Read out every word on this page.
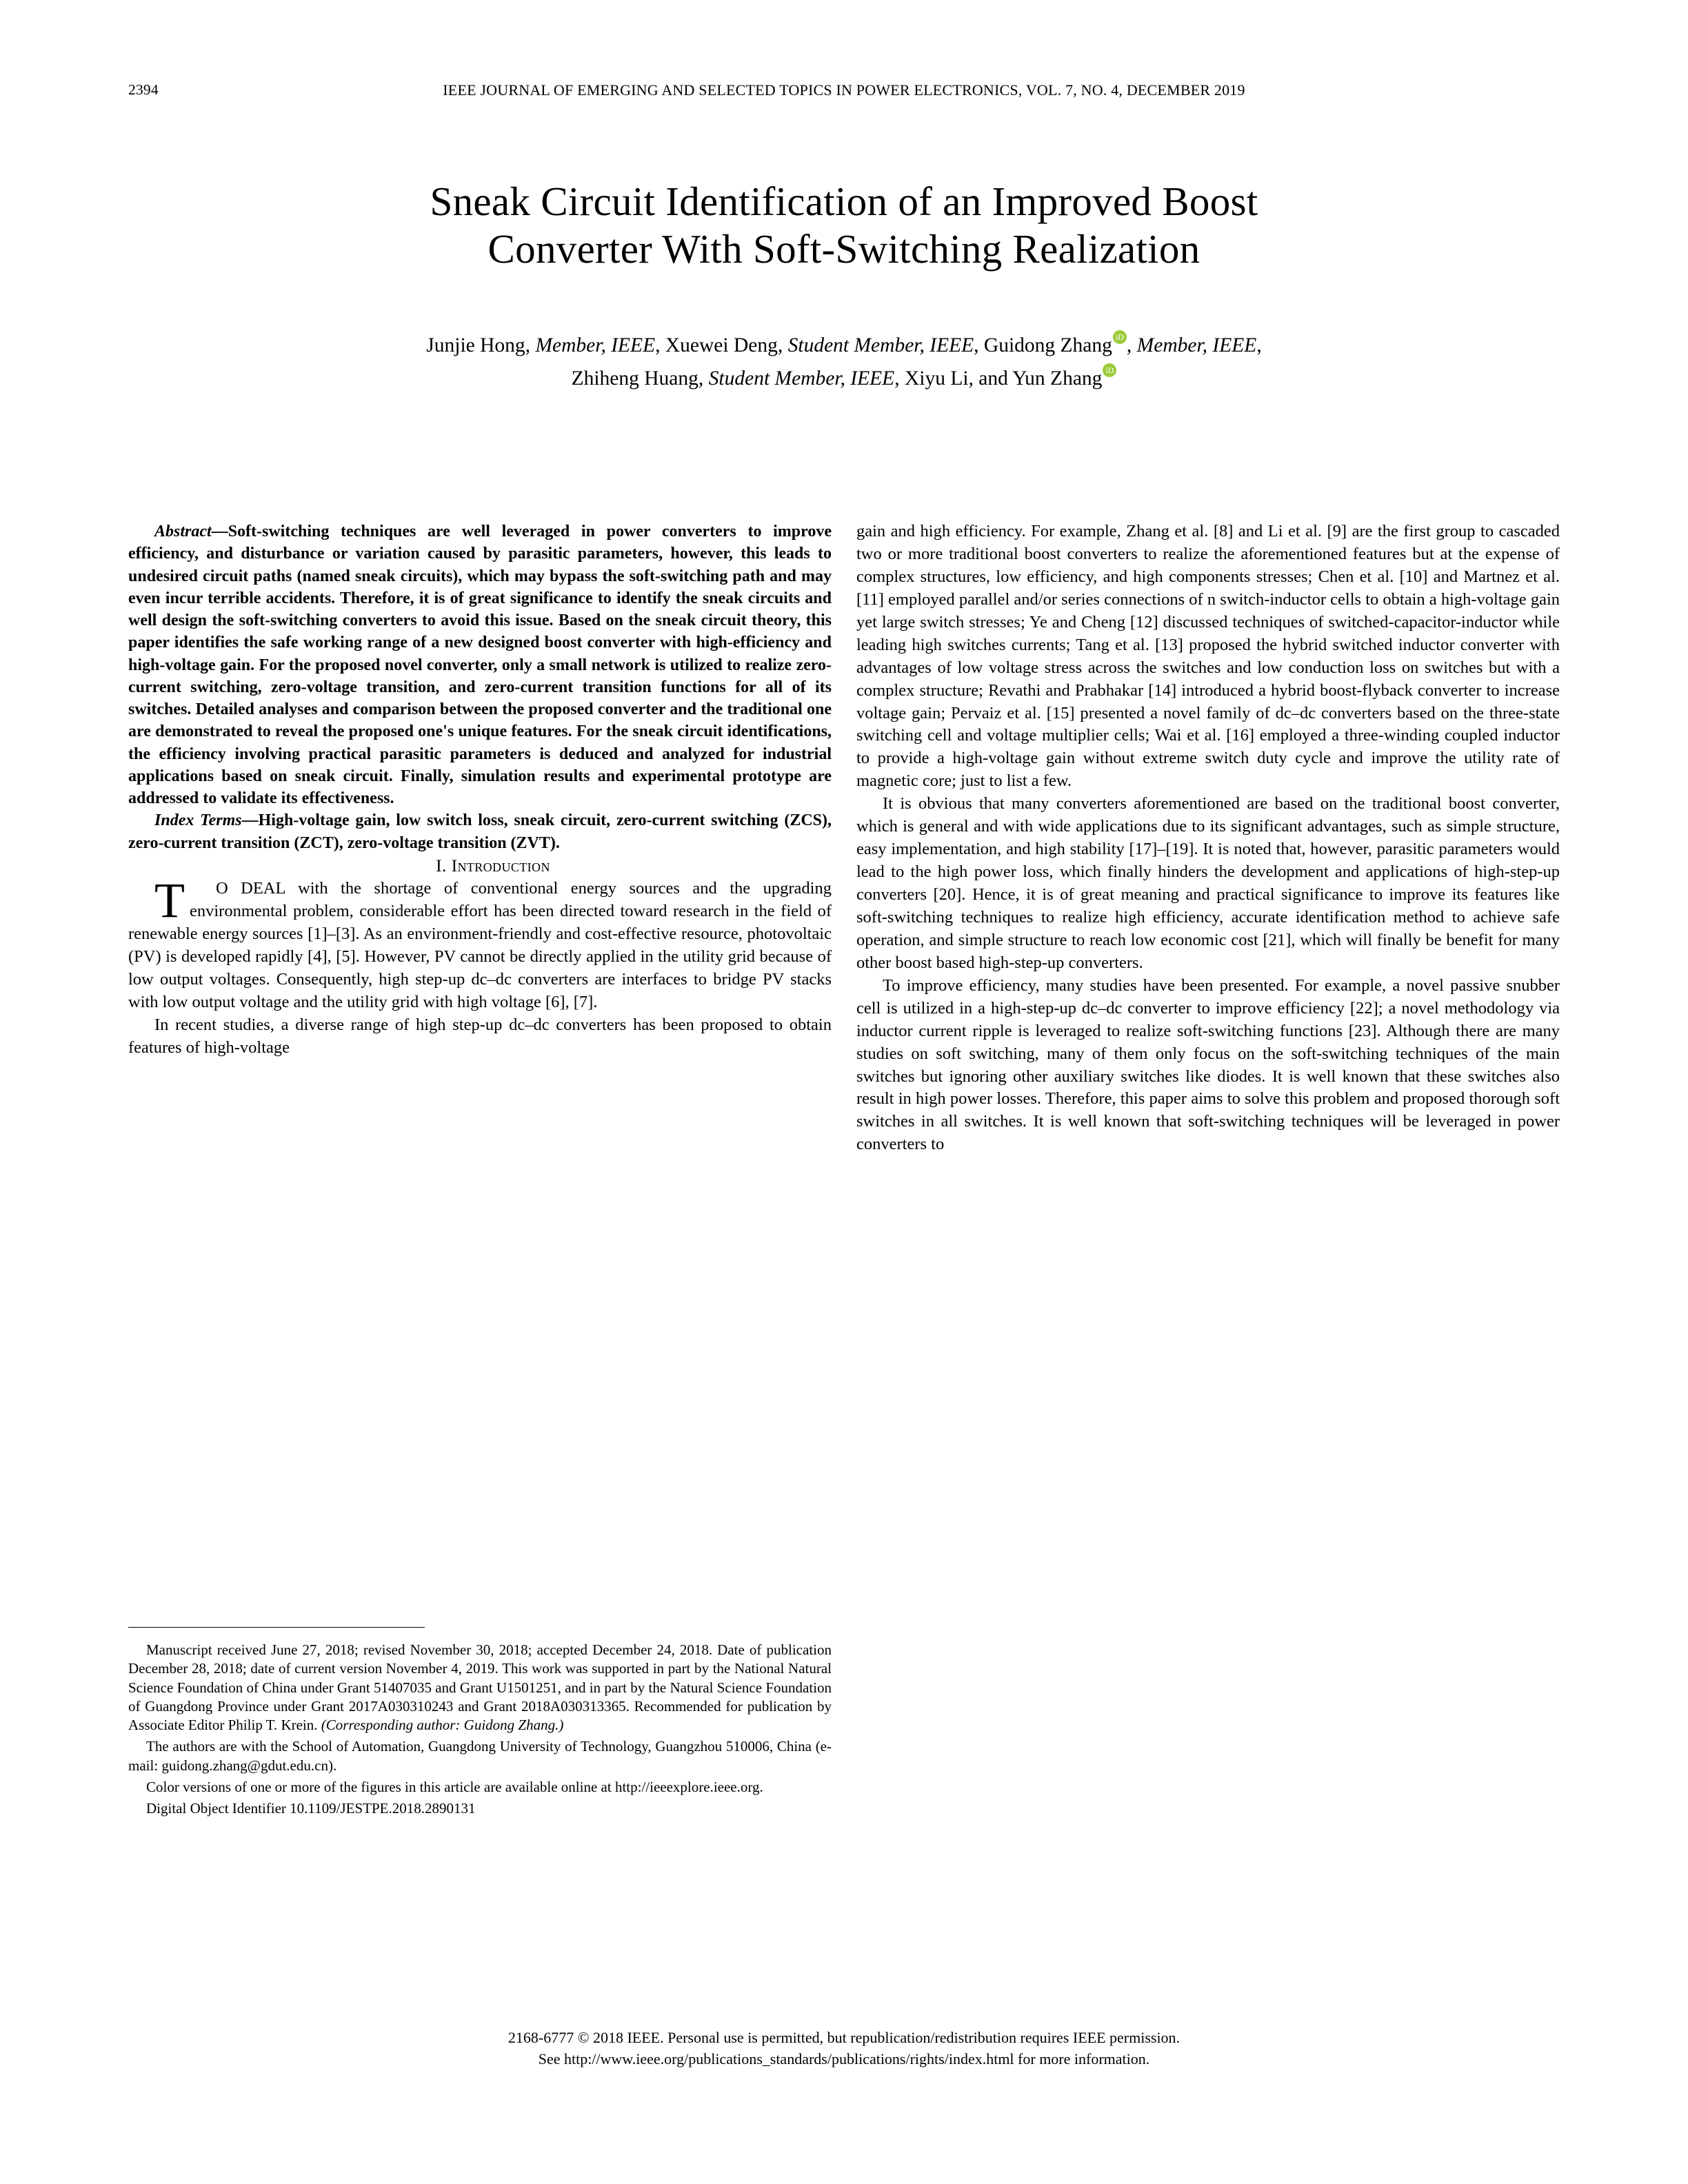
2394	IEEE JOURNAL OF EMERGING AND SELECTED TOPICS IN POWER ELECTRONICS, VOL. 7, NO. 4, DECEMBER 2019
Sneak Circuit Identification of an Improved Boost
Converter With Soft-Switching Realization
Junjie Hong, Member, IEEE, Xuewei Deng, Student Member, IEEE, Guidong Zhang , Member, IEEE,
Zhiheng Huang, Student Member, IEEE, Xiyu Li, and Yun Zhang

Abstract—Soft-switching techniques are well leveraged in power converters to improve efficiency, and disturbance or variation caused by parasitic parameters, however, this leads to undesired circuit paths (named sneak circuits), which may bypass the soft-switching path and may even incur terrible accidents. Therefore, it is of great significance to identify the sneak circuits and well design the soft-switching converters to avoid this issue. Based on the sneak circuit theory, this paper identifies the safe working range of a new designed boost converter with high-efficiency and high-voltage gain. For the proposed novel converter, only a small network is utilized to realize zero-current switching, zero-voltage transition, and zero-current transition functions for all of its switches. Detailed analyses and comparison between the proposed converter and the traditional one are demonstrated to reveal the proposed one's unique features. For the sneak circuit identifications, the efficiency involving practical parasitic parameters is deduced and analyzed for industrial applications based on sneak circuit. Finally, simulation results and experimental prototype are addressed to validate its effectiveness.

Index Terms—High-voltage gain, low switch loss, sneak circuit, zero-current switching (ZCS), zero-current transition (ZCT), zero-voltage transition (ZVT).

I. Introduction

T O DEAL with the shortage of conventional energy sources and the upgrading environmental problem, considerable effort has been directed toward research in the field of renewable energy sources [1]–[3]. As an environment-friendly and cost-effective resource, photovoltaic (PV) is developed rapidly [4], [5]. However, PV cannot be directly applied in the utility grid because of low output voltages. Consequently, high step-up dc–dc converters are interfaces to bridge PV stacks with low output voltage and the utility grid with high voltage [6], [7].

In recent studies, a diverse range of high step-up dc–dc converters has been proposed to obtain features of high-voltage

gain and high efficiency. For example, Zhang et al. [8] and Li et al. [9] are the first group to cascaded two or more traditional boost converters to realize the aforementioned features but at the expense of complex structures, low efficiency, and high components stresses; Chen et al. [10] and Martnez et al. [11] employed parallel and/or series connections of n switch-inductor cells to obtain a high-voltage gain yet large switch stresses; Ye and Cheng [12] discussed techniques of switched-capacitor-inductor while leading high switches currents; Tang et al. [13] proposed the hybrid switched inductor converter with advantages of low voltage stress across the switches and low conduction loss on switches but with a complex structure; Revathi and Prabhakar [14] introduced a hybrid boost-flyback converter to increase voltage gain; Pervaiz et al. [15] presented a novel family of dc–dc converters based on the three-state switching cell and voltage multiplier cells; Wai et al. [16] employed a three-winding coupled inductor to provide a high-voltage gain without extreme switch duty cycle and improve the utility rate of magnetic core; just to list a few.

It is obvious that many converters aforementioned are based on the traditional boost converter, which is general and with wide applications due to its significant advantages, such as simple structure, easy implementation, and high stability [17]–[19]. It is noted that, however, parasitic parameters would lead to the high power loss, which finally hinders the development and applications of high-step-up converters [20]. Hence, it is of great meaning and practical significance to improve its features like soft-switching techniques to realize high efficiency, accurate identification method to achieve safe operation, and simple structure to reach low economic cost [21], which will finally be benefit for many other boost based high-step-up converters.

To improve efficiency, many studies have been presented. For example, a novel passive snubber cell is utilized in a high-step-up dc–dc converter to improve efficiency [22]; a novel methodology via inductor current ripple is leveraged to realize soft-switching functions [23]. Although there are many studies on soft switching, many of them only focus on the soft-switching techniques of the main switches but ignoring other auxiliary switches like diodes. It is well known that these switches also result in high power losses. Therefore, this paper aims to solve this problem and proposed thorough soft switches in all switches. It is well known that soft-switching techniques will be leveraged in power converters to

Manuscript received June 27, 2018; revised November 30, 2018; accepted December 24, 2018. Date of publication December 28, 2018; date of current version November 4, 2019. This work was supported in part by the National Natural Science Foundation of China under Grant 51407035 and Grant U1501251, and in part by the Natural Science Foundation of Guangdong Province under Grant 2017A030310243 and Grant 2018A030313365. Recommended for publication by Associate Editor Philip T. Krein. (Corresponding author: Guidong Zhang.)

The authors are with the School of Automation, Guangdong University of Technology, Guangzhou 510006, China (e-mail: guidong.zhang@gdut.edu.cn).

Color versions of one or more of the figures in this article are available online at http://ieeexplore.ieee.org.

Digital Object Identifier 10.1109/JESTPE.2018.2890131

2168-6777 © 2018 IEEE. Personal use is permitted, but republication/redistribution requires IEEE permission.
See http://www.ieee.org/publications_standards/publications/rights/index.html for more information.
